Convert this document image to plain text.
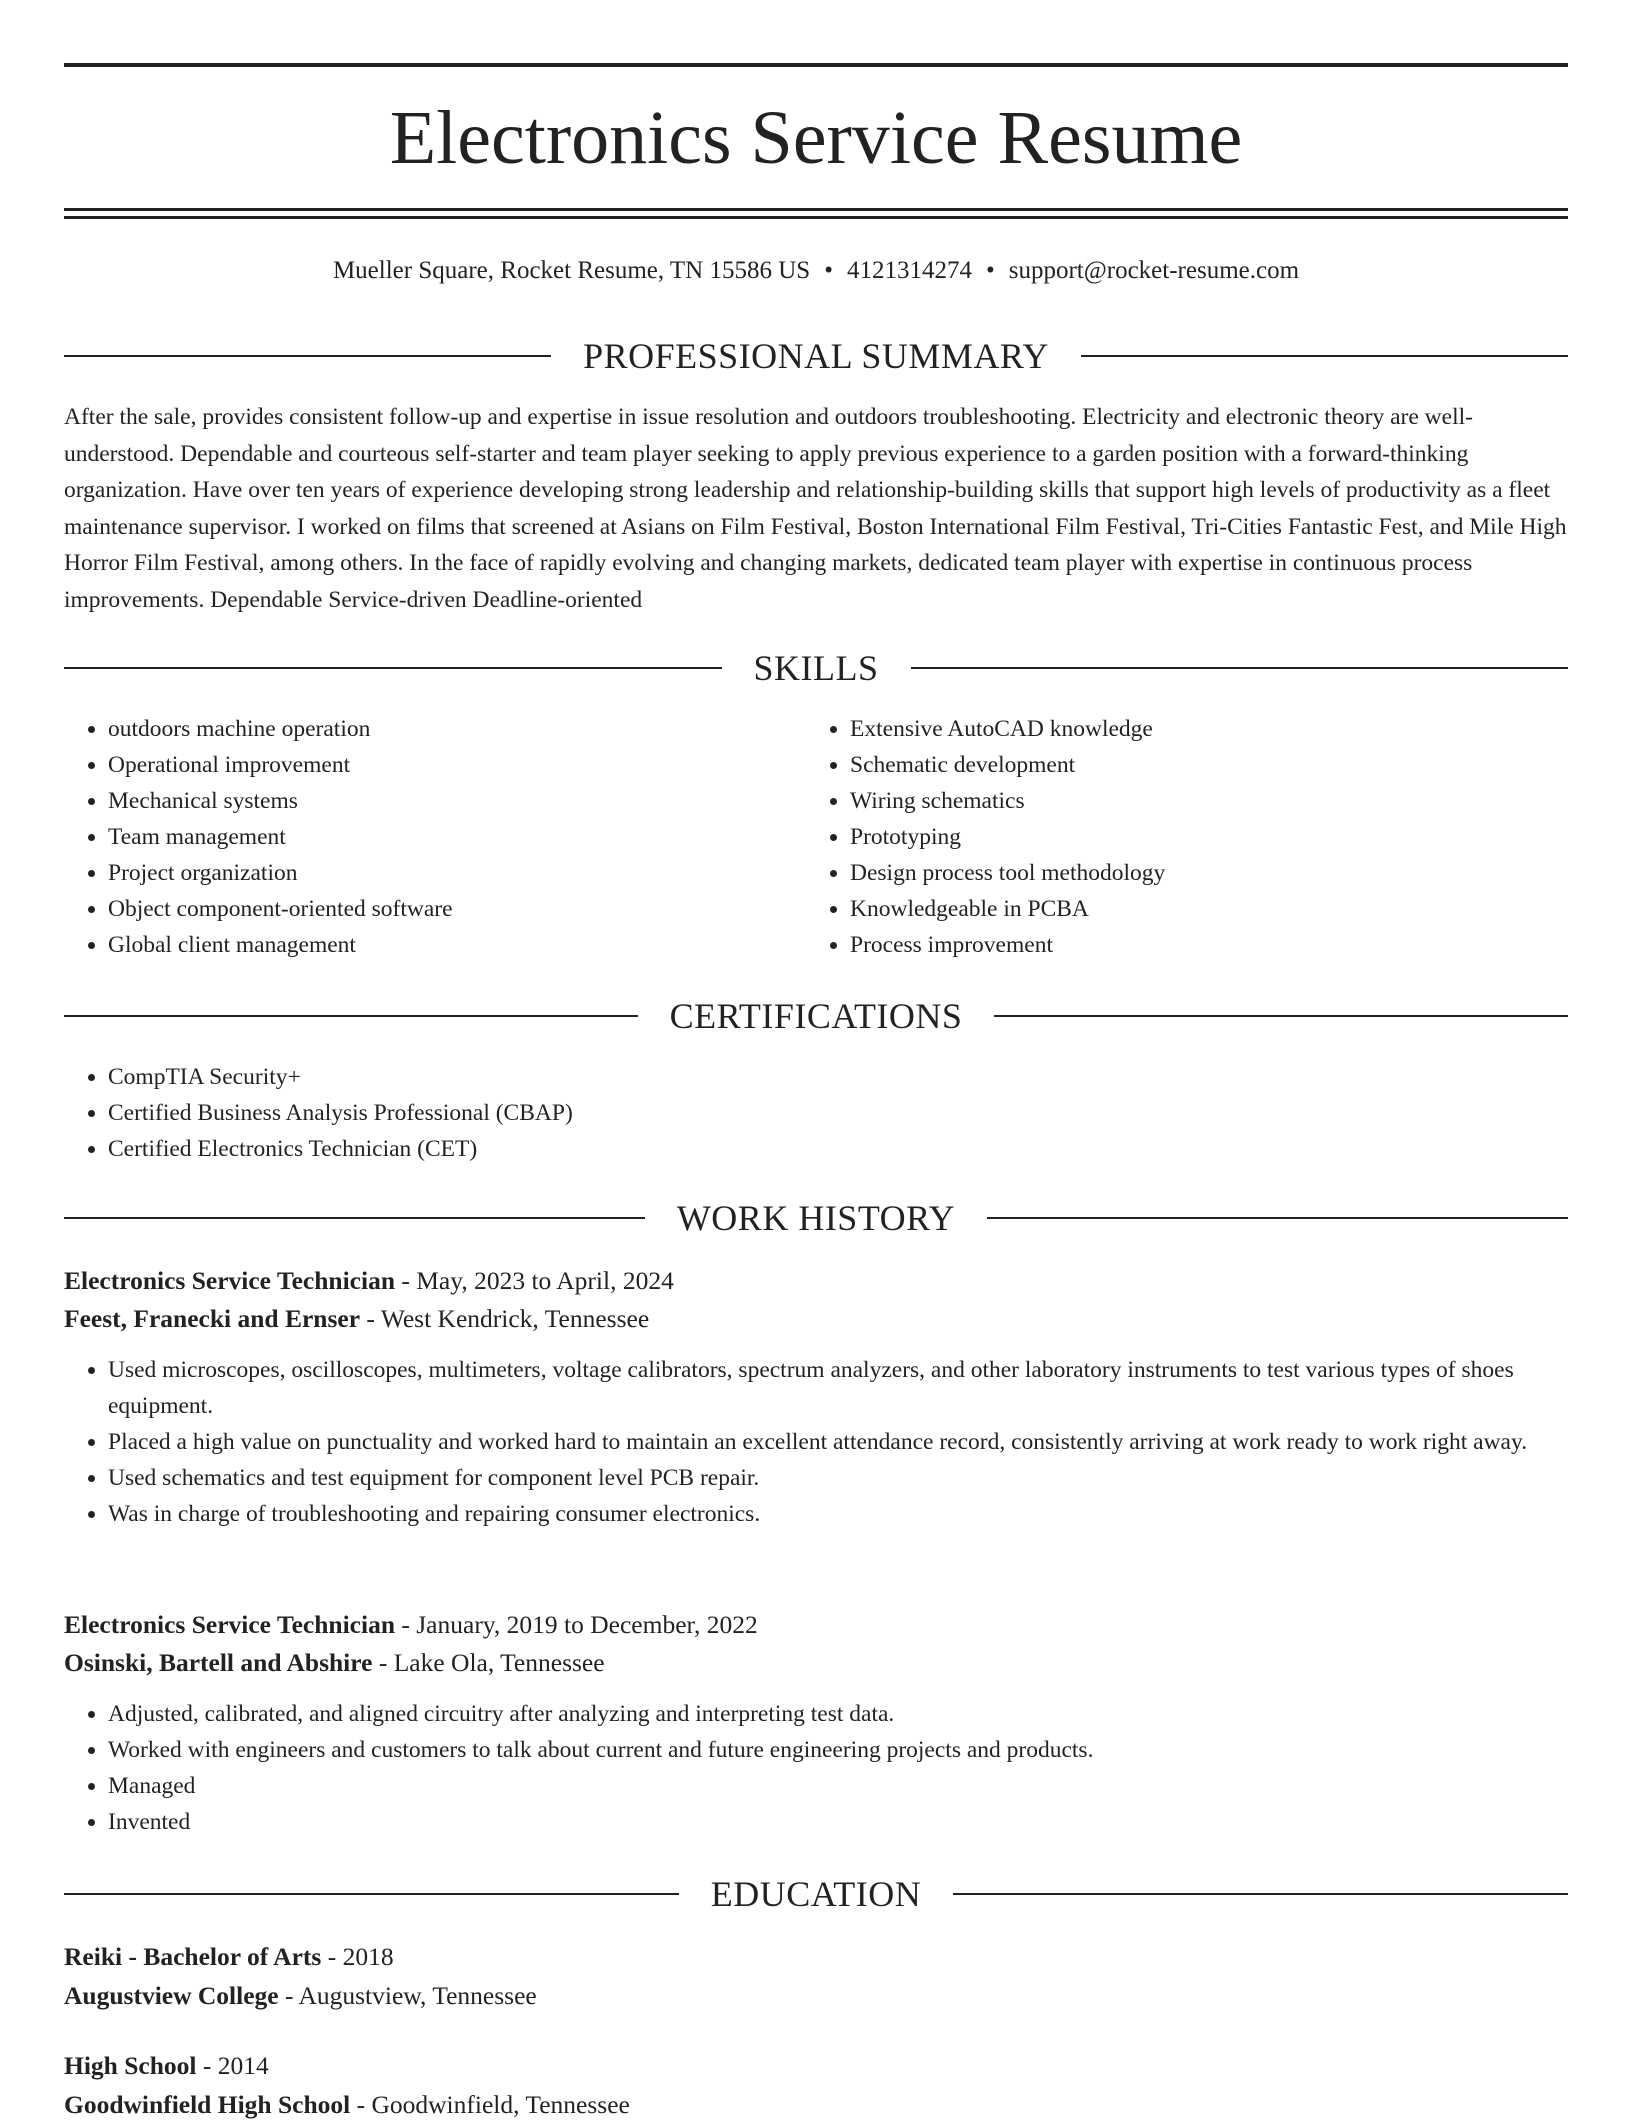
Electronics Service Resume
Mueller Square, Rocket Resume, TN 15586 US • 4121314274 • support@rocket-resume.com
PROFESSIONAL SUMMARY

After the sale, provides consistent follow-up and expertise in issue resolution and outdoors troubleshooting. Electricity and electronic theory are well-understood. Dependable and courteous self-starter and team player seeking to apply previous experience to a garden position with a forward-thinking organization. Have over ten years of experience developing strong leadership and relationship-building skills that support high levels of productivity as a fleet maintenance supervisor. I worked on films that screened at Asians on Film Festival, Boston International Film Festival, Tri-Cities Fantastic Fest, and Mile High Horror Film Festival, among others. In the face of rapidly evolving and changing markets, dedicated team player with expertise in continuous process improvements. Dependable Service-driven Deadline-oriented

SKILLS
• outdoors machine operation
• Operational improvement
• Mechanical systems
• Team management
• Project organization
• Object component-oriented software
• Global client management
• Extensive AutoCAD knowledge
• Schematic development
• Wiring schematics
• Prototyping
• Design process tool methodology
• Knowledgeable in PCBA
• Process improvement
CERTIFICATIONS
• CompTIA Security+
• Certified Business Analysis Professional (CBAP)
• Certified Electronics Technician (CET)
WORK HISTORY
Electronics Service Technician - May, 2023 to April, 2024
Feest, Franecki and Ernser - West Kendrick, Tennessee
• Used microscopes, oscilloscopes, multimeters, voltage calibrators, spectrum analyzers, and other laboratory instruments to test various types of shoes equipment.
• Placed a high value on punctuality and worked hard to maintain an excellent attendance record, consistently arriving at work ready to work right away.
• Used schematics and test equipment for component level PCB repair.
• Was in charge of troubleshooting and repairing consumer electronics.
Electronics Service Technician - January, 2019 to December, 2022
Osinski, Bartell and Abshire - Lake Ola, Tennessee
• Adjusted, calibrated, and aligned circuitry after analyzing and interpreting test data.
• Worked with engineers and customers to talk about current and future engineering projects and products.
• Managed
• Invented
EDUCATION
Reiki - Bachelor of Arts - 2018
Augustview College - Augustview, Tennessee
High School - 2014
Goodwinfield High School - Goodwinfield, Tennessee
